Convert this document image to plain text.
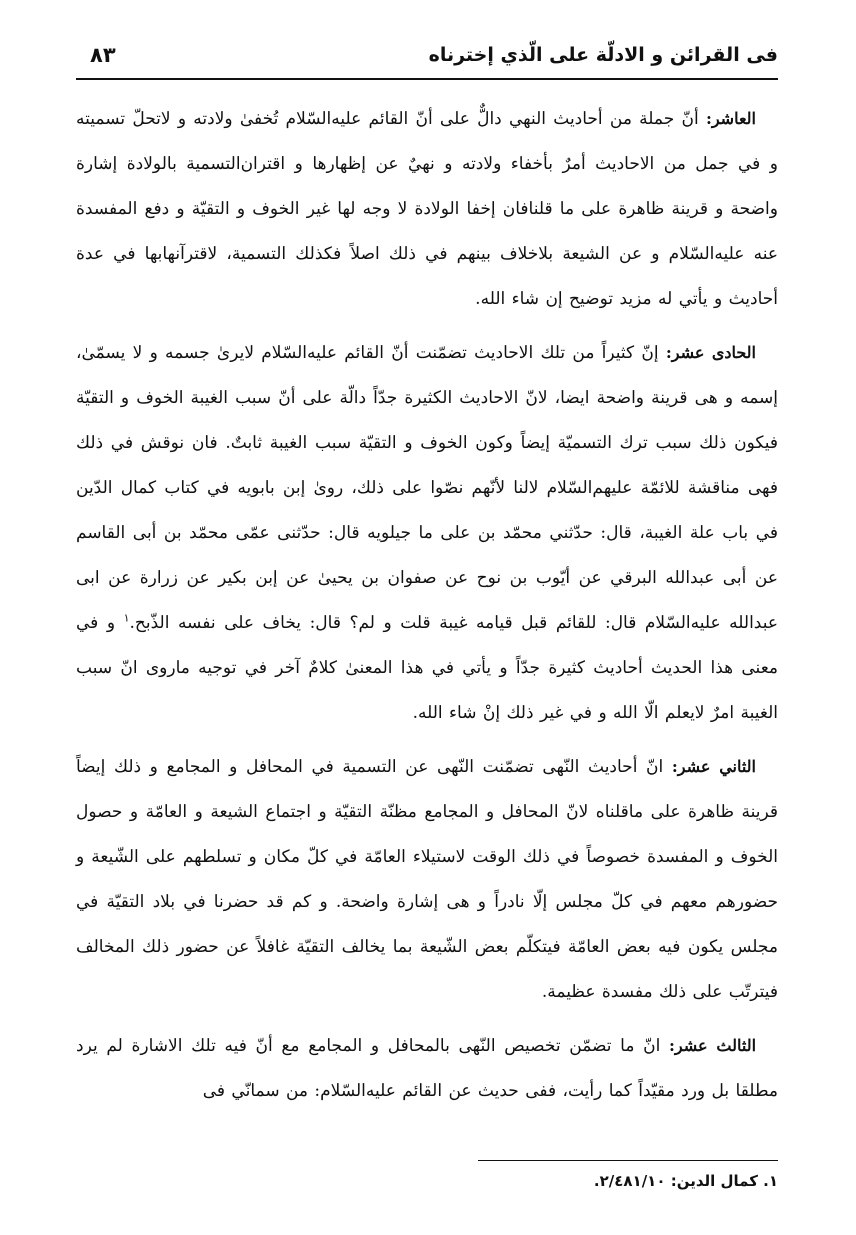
فى القرائن و الادلّة على الّذي إخترناه
٨٣

العاشر: أنّ جملة من أحاديث النهي دالٌّ على أنّ القائم عليه‌السّلام تُخفىٰ ولادته و لاتحلّ تسميته و في جمل من الاحاديث أمرٌ بأخفاء ولادته و نهيٌ عن إظهارها و اقتران‌التسمية بالولادة إشارة واضحة و قرينة ظاهرة على ما قلنافان إخفا الولادة لا وجه لها غير الخوف و التقيّة و دفع المفسدة عنه عليه‌السّلام و عن الشيعة بلاخلاف بينهم في ذلك اصلاً فكذلك التسمية، لاقترآنهابها في عدة أحاديث و يأتي له مزيد توضيح إن شاء الله.

الحادى عشر: إنّ كثيراً من تلك الاحاديث تضمّنت أنّ القائم عليه‌السّلام لايرىٰ جسمه و لا يسمّىٰ، إسمه و هى قرينة واضحة ايضا، لانّ الاحاديث الكثيرة جدّاً دالّة على أنّ سبب الغيبة الخوف و التقيّة فيكون ذلك سبب ترك التسميّة إيضاً وكون الخوف و التقيّة سبب الغيبة ثابتٌ. فان نوقش في ذلك فهى مناقشة للائمّة عليهم‌السّلام لالنا لأنّهم نصّوا على ذلك، روىٰ إبن بابويه في كتاب كمال الدّين في باب علة الغيبة، قال: حدّثني محمّد بن على ما جيلويه قال: حدّثنى عمّى محمّد بن أبى القاسم عن أبى عبدالله البرقي عن أيّوب بن نوح عن صفوان بن يحيىٰ عن إبن بكير عن زرارة عن ابى عبدالله عليه‌السّلام قال: للقائم قبل قيامه غيبة قلت و لم؟ قال: يخاف على نفسه الذّبح.$^١$ و في معنى هذا الحديث أحاديث كثيرة جدّاً و يأتي في هذا المعنىٰ كلامٌ آخر في توجيه ماروى انّ سبب الغيبة امرٌ لايعلم الّا الله و في غير ذلك إنْ شاء الله.

الثاني عشر: انّ أحاديث النّهى تضمّنت النّهى عن التسمية في المحافل و المجامع و ذلك إيضاً قرينة ظاهرة على ماقلناه لانّ المحافل و المجامع مظنّة التقيّة و اجتماع الشيعة و العامّة و حصول الخوف و المفسدة خصوصاً في ذلك الوقت لاستيلاء العامّة في كلّ مكان و تسلطهم على الشّيعة و حضورهم معهم في كلّ مجلس إلّا نادراً و هى إشارة واضحة. و كم قد حضرنا في بلاد التقيّة في مجلس يكون فيه بعض العامّة فيتكلّم بعض الشّيعة بما يخالف التقيّة غافلاً عن حضور ذلك المخالف فيترتّب على ذلك مفسدة عظيمة.

الثالث عشر: انّ ما تضمّن تخصيص النّهى بالمحافل و المجامع مع أنّ فيه تلك الاشارة لم يرد مطلقا بل ورد مقيّداً كما رأيت، ففى حديث عن القائم عليه‌السّلام: من سمانّي فى

١. كمال الدين: ٢/٤٨١/١٠.
